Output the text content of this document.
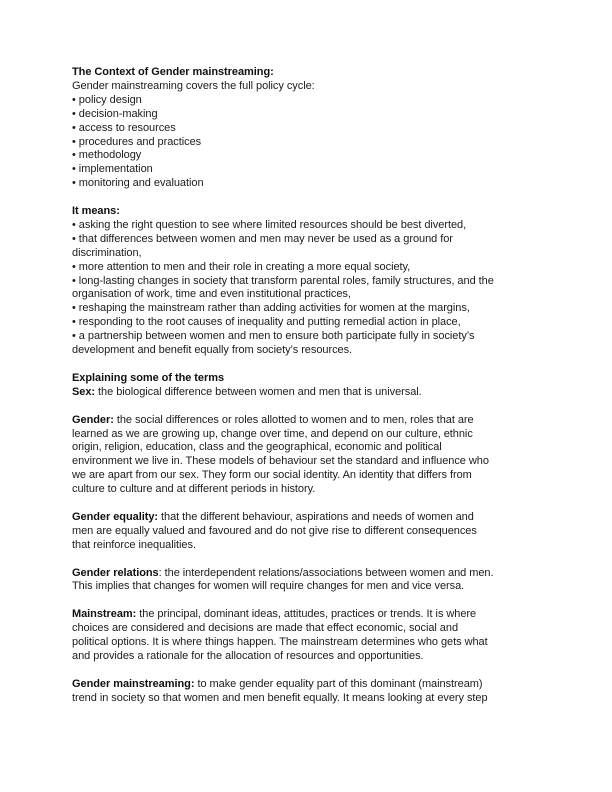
The Context of Gender mainstreaming:
Gender mainstreaming covers the full policy cycle:
• policy design
• decision-making
• access to resources
• procedures and practices
• methodology
• implementation
• monitoring and evaluation
It means:
• asking the right question to see where limited resources should be best diverted,
• that differences between women and men may never be used as a ground for
discrimination,
• more attention to men and their role in creating a more equal society,
• long-lasting changes in society that transform parental roles, family structures, and the
organisation of work, time and even institutional practices,
• reshaping the mainstream rather than adding activities for women at the margins,
• responding to the root causes of inequality and putting remedial action in place,
• a partnership between women and men to ensure both participate fully in society’s
development and benefit equally from society’s resources.
Explaining some of the terms
Sex: the biological difference between women and men that is universal.
Gender: the social differences or roles allotted to women and to men, roles that are
learned as we are growing up, change over time, and depend on our culture, ethnic
origin, religion, education, class and the geographical, economic and political
environment we live in. These models of behaviour set the standard and influence who
we are apart from our sex. They form our social identity. An identity that differs from
culture to culture and at different periods in history.
Gender equality: that the different behaviour, aspirations and needs of women and
men are equally valued and favoured and do not give rise to different consequences
that reinforce inequalities.
Gender relations: the interdependent relations/associations between women and men.
This implies that changes for women will require changes for men and vice versa.
Mainstream: the principal, dominant ideas, attitudes, practices or trends. It is where
choices are considered and decisions are made that effect economic, social and
political options. It is where things happen. The mainstream determines who gets what
and provides a rationale for the allocation of resources and opportunities.
Gender mainstreaming: to make gender equality part of this dominant (mainstream)
trend in society so that women and men benefit equally. It means looking at every step
